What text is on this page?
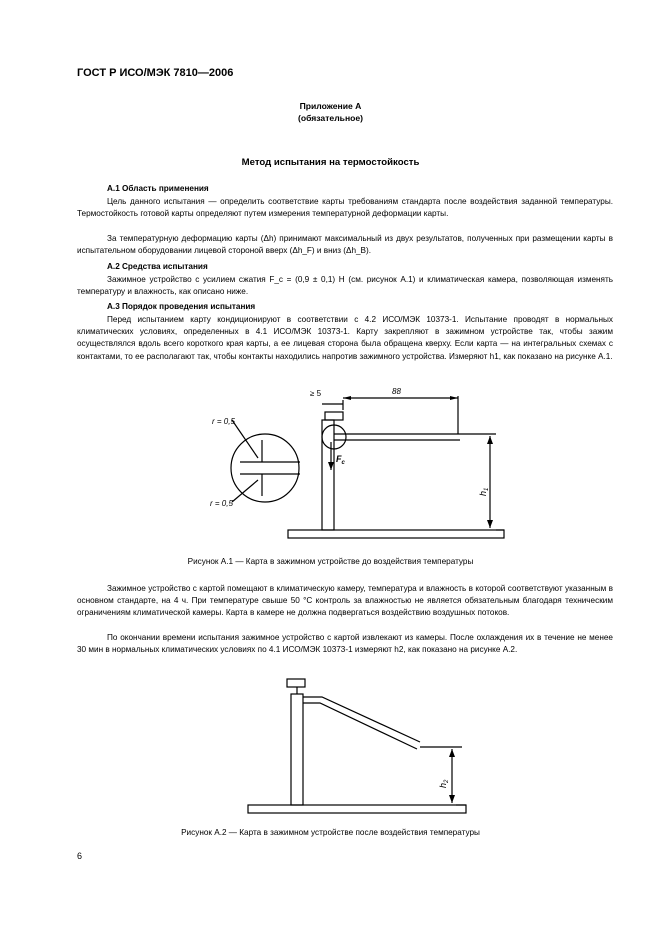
ГОСТ Р ИСО/МЭК 7810—2006
Приложение А
(обязательное)
Метод испытания на термостойкость
А.1 Область применения
Цель данного испытания — определить соответствие карты требованиям стандарта после воздействия заданной температуры. Термостойкость готовой карты определяют путем измерения температурной деформации карты.
За температурную деформацию карты (Δh) принимают максимальный из двух результатов, полученных при размещении карты в испытательном оборудовании лицевой стороной вверх (Δh_F) и вниз (Δh_B).
А.2 Средства испытания
Зажимное устройство с усилием сжатия F_c = (0,9 ± 0,1) Н (см. рисунок А.1) и климатическая камера, позволяющая изменять температуру и влажность, как описано ниже.
А.3 Порядок проведения испытания
Перед испытанием карту кондиционируют в соответствии с 4.2 ИСО/МЭК 10373-1. Испытание проводят в нормальных климатических условиях, определенных в 4.1 ИСО/МЭК 10373-1. Карту закрепляют в зажимном устройстве так, чтобы зажим осуществлялся вдоль всего короткого края карты, а ее лицевая сторона была обращена кверху. Если карта — на интегральных схемах с контактами, то ее располагают так, чтобы контакты находились напротив зажимного устройства. Измеряют h1, как показано на рисунке А.1.
r = 0,5
r = 0,5
≥ 5	88
$F_c$
$h_1$
Рисунок А.1 — Карта в зажимном устройстве до воздействия температуры
Зажимное устройство с картой помещают в климатическую камеру, температура и влажность в которой соответствуют указанным в основном стандарте, на 4 ч. При температуре свыше 50 °С контроль за влажностью не является обязательным благодаря техническим ограничениям климатической камеры. Карта в камере не должна подвергаться воздействию воздушных потоков.
По окончании времени испытания зажимное устройство с картой извлекают из камеры. После охлаждения их в течение не менее 30 мин в нормальных климатических условиях по 4.1 ИСО/МЭК 10373-1 измеряют h2, как показано на рисунке А.2.
$h_2$
Рисунок А.2 — Карта в зажимном устройстве после воздействия температуры
6
